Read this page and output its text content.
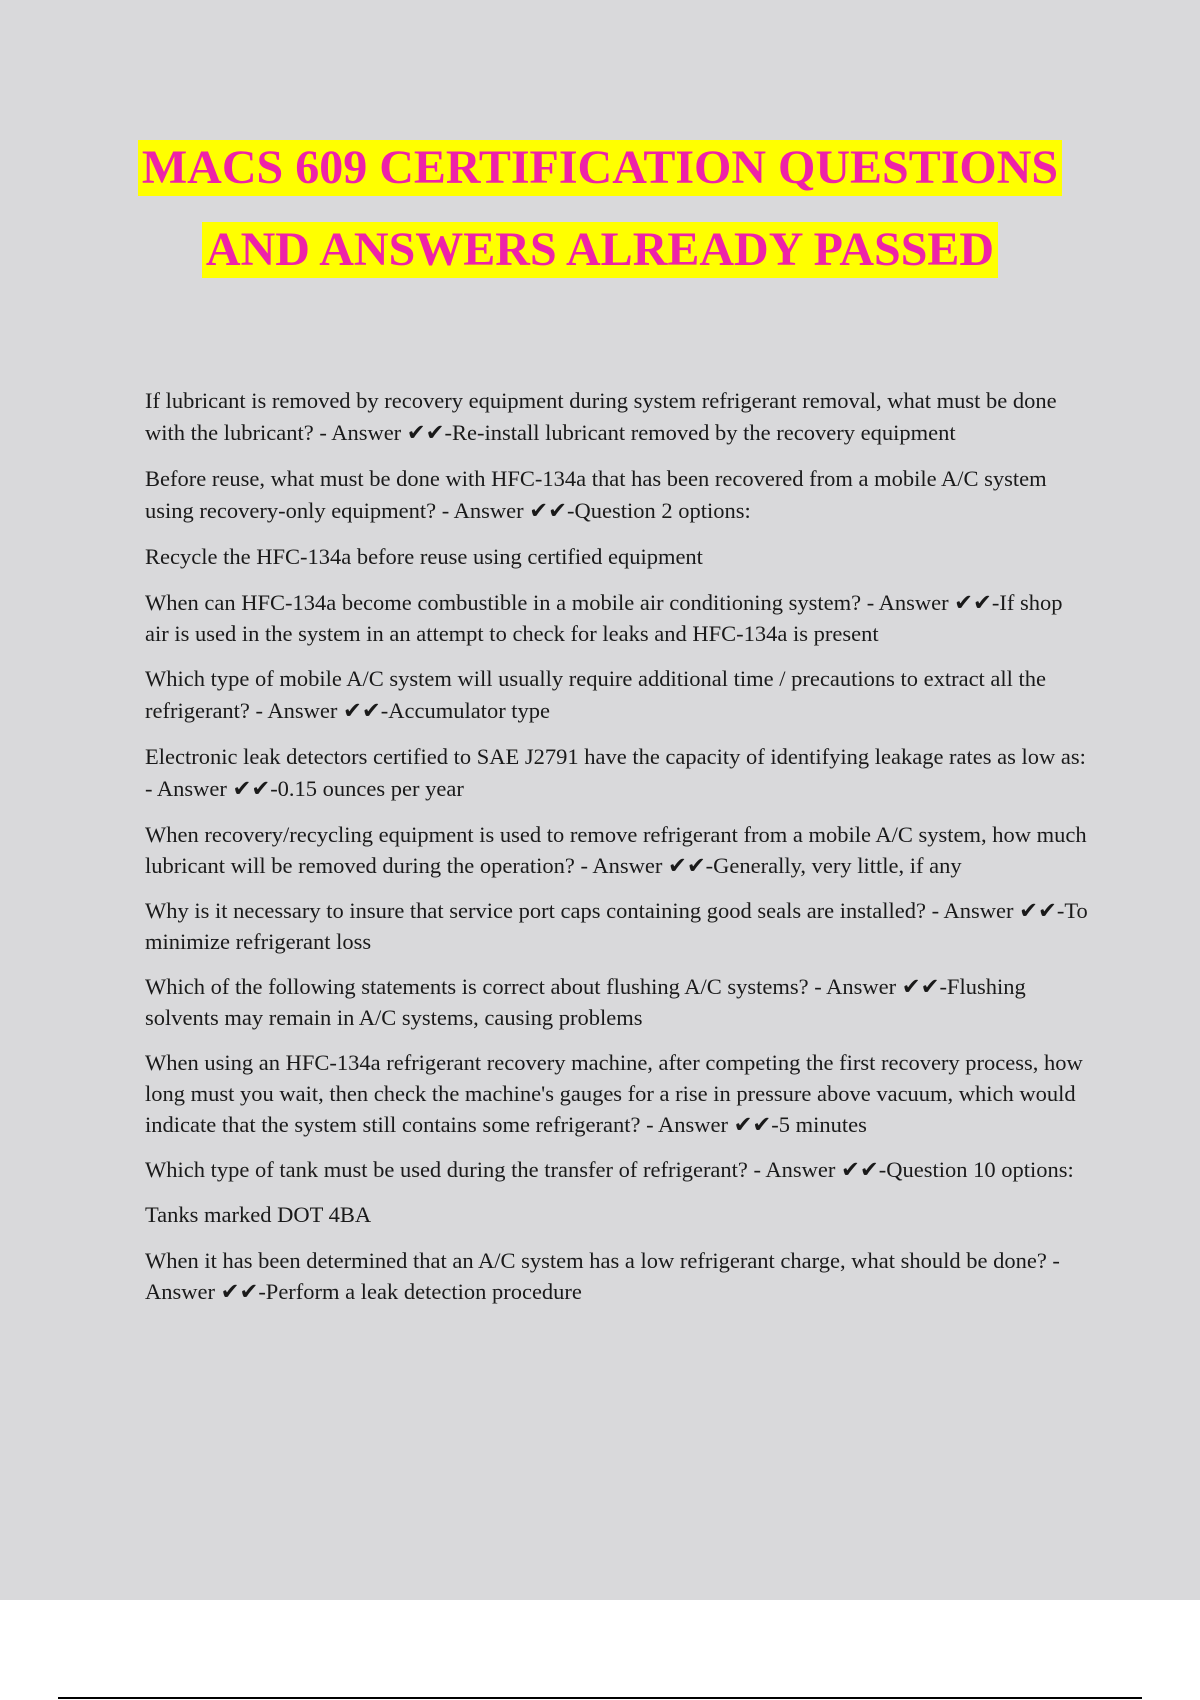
MACS 609 CERTIFICATION QUESTIONS
AND ANSWERS ALREADY PASSED

If lubricant is removed by recovery equipment during system refrigerant removal, what must be done with the lubricant? - Answer ✔✔-Re-install lubricant removed by the recovery equipment

Before reuse, what must be done with HFC-134a that has been recovered from a mobile A/C system using recovery-only equipment? - Answer ✔✔-Question 2 options:

Recycle the HFC-134a before reuse using certified equipment

When can HFC-134a become combustible in a mobile air conditioning system? - Answer ✔✔-If shop air is used in the system in an attempt to check for leaks and HFC-134a is present

Which type of mobile A/C system will usually require additional time / precautions to extract all the refrigerant? - Answer ✔✔-Accumulator type

Electronic leak detectors certified to SAE J2791 have the capacity of identifying leakage rates as low as: - Answer ✔✔-0.15 ounces per year

When recovery/recycling equipment is used to remove refrigerant from a mobile A/C system, how much lubricant will be removed during the operation? - Answer ✔✔-Generally, very little, if any

Why is it necessary to insure that service port caps containing good seals are installed? - Answer ✔✔-To minimize refrigerant loss

Which of the following statements is correct about flushing A/C systems? - Answer ✔✔-Flushing solvents may remain in A/C systems, causing problems

When using an HFC-134a refrigerant recovery machine, after competing the first recovery process, how long must you wait, then check the machine's gauges for a rise in pressure above vacuum, which would indicate that the system still contains some refrigerant? - Answer ✔✔-5 minutes

Which type of tank must be used during the transfer of refrigerant? - Answer ✔✔-Question 10 options:

Tanks marked DOT 4BA

When it has been determined that an A/C system has a low refrigerant charge, what should be done? - Answer ✔✔-Perform a leak detection procedure
